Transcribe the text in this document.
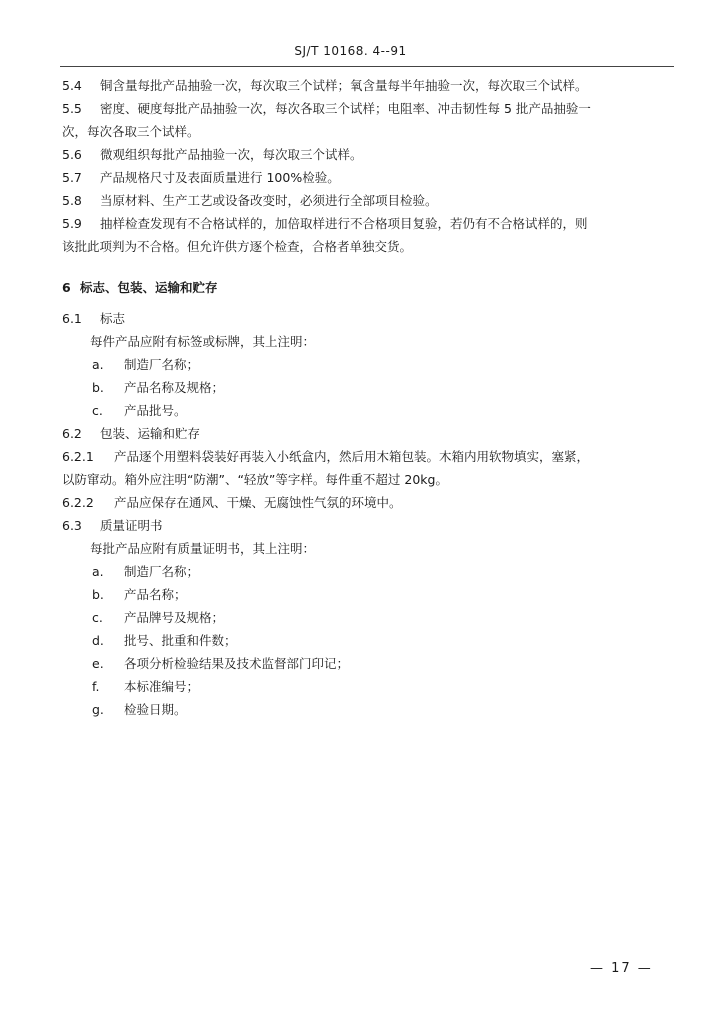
SJ/T 10168. 4--91

5.4 铜含量每批产品抽验一次，每次取三个试样；氧含量每半年抽验一次，每次取三个试样。

5.5 密度、硬度每批产品抽验一次，每次各取三个试样；电阻率、冲击韧性每 5 批产品抽验一

次，每次各取三个试样。

5.6 微观组织每批产品抽验一次，每次取三个试样。

5.7 产品规格尺寸及表面质量进行 100%检验。

5.8 当原材料、生产工艺或设备改变时，必须进行全部项目检验。

5.9 抽样检查发现有不合格试样的，加倍取样进行不合格项目复验，若仍有不合格试样的，则

该批此项判为不合格。但允许供方逐个检查，合格者单独交货。

6 标志、包装、运输和贮存

6.1 标志

每件产品应附有标签或标牌，其上注明：

a. 制造厂名称；

b. 产品名称及规格；

c. 产品批号。

6.2 包装、运输和贮存

6.2.1 产品逐个用塑料袋装好再装入小纸盒内，然后用木箱包装。木箱内用软物填实，塞紧，

以防窜动。箱外应注明“防潮”、“轻放”等字样。每件重不超过 20kg。

6.2.2 产品应保存在通风、干燥、无腐蚀性气氛的环境中。

6.3 质量证明书

每批产品应附有质量证明书，其上注明：

a. 制造厂名称；

b. 产品名称；

c. 产品牌号及规格；

d. 批号、批重和件数；

e. 各项分析检验结果及技术监督部门印记；

f. 本标准编号；

g. 检验日期。

— 17 —
